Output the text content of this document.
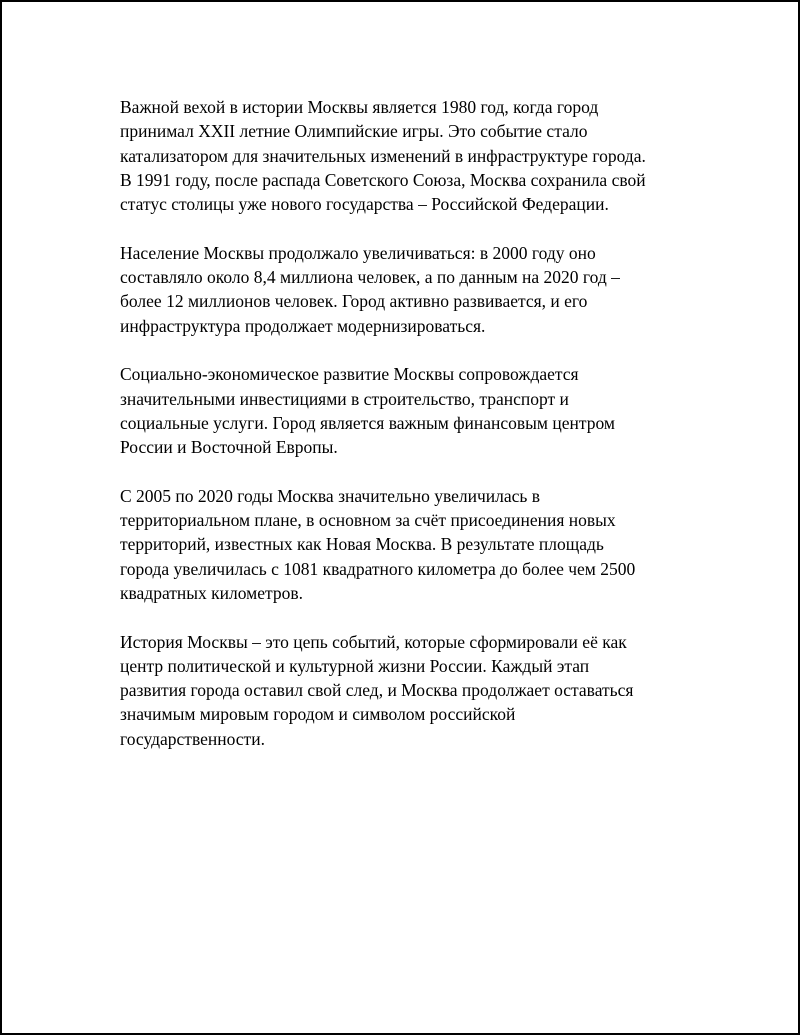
Важной вехой в истории Москвы является 1980 год, когда город
принимал XXII летние Олимпийские игры. Это событие стало
катализатором для значительных изменений в инфраструктуре города.
В 1991 году, после распада Советского Союза, Москва сохранила свой
статус столицы уже нового государства – Российской Федерации.

Население Москвы продолжало увеличиваться: в 2000 году оно
составляло около 8,4 миллиона человек, а по данным на 2020 год –
более 12 миллионов человек. Город активно развивается, и его
инфраструктура продолжает модернизироваться.

Социально-экономическое развитие Москвы сопровождается
значительными инвестициями в строительство, транспорт и
социальные услуги. Город является важным финансовым центром
России и Восточной Европы.

С 2005 по 2020 годы Москва значительно увеличилась в
территориальном плане, в основном за счёт присоединения новых
территорий, известных как Новая Москва. В результате площадь
города увеличилась с 1081 квадратного километра до более чем 2500
квадратных километров.

История Москвы – это цепь событий, которые сформировали её как
центр политической и культурной жизни России. Каждый этап
развития города оставил свой след, и Москва продолжает оставаться
значимым мировым городом и символом российской
государственности.
